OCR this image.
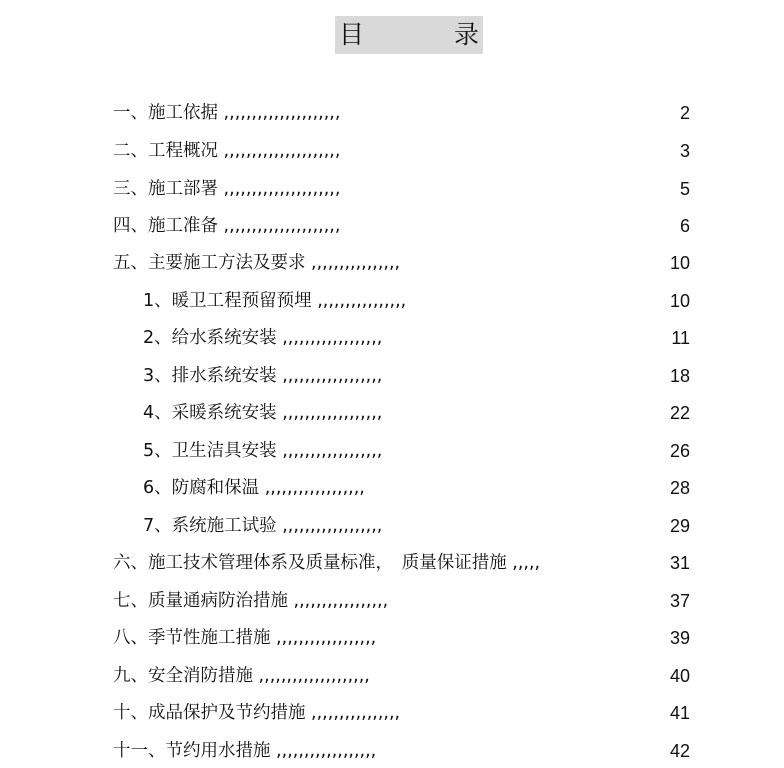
目	录
一、施工依据 ,,,,,,,,,,,,,,,,,,,,,	2
二、工程概况 ,,,,,,,,,,,,,,,,,,,,,	3
三、施工部署 ,,,,,,,,,,,,,,,,,,,,,	5
四、施工准备 ,,,,,,,,,,,,,,,,,,,,,	6
五、主要施工方法及要求 ,,,,,,,,,,,,,,,,	10
1、暖卫工程预留预埋 ,,,,,,,,,,,,,,,,	10
2、给水系统安装 ,,,,,,,,,,,,,,,,,,	11
3、排水系统安装 ,,,,,,,,,,,,,,,,,,	18
4、采暖系统安装 ,,,,,,,,,,,,,,,,,,	22
5、卫生洁具安装 ,,,,,,,,,,,,,,,,,,	26
6、防腐和保温 ,,,,,,,,,,,,,,,,,,	28
7、系统施工试验 ,,,,,,,,,,,,,,,,,,	29
六、施工技术管理体系及质量标准，　质量保证措施 ,,,,,	31
七、质量通病防治措施 ,,,,,,,,,,,,,,,,,	37
八、季节性施工措施 ,,,,,,,,,,,,,,,,,,	39
九、安全消防措施 ,,,,,,,,,,,,,,,,,,,,	40
十、成品保护及节约措施 ,,,,,,,,,,,,,,,,	41
十一、节约用水措施 ,,,,,,,,,,,,,,,,,,	42
